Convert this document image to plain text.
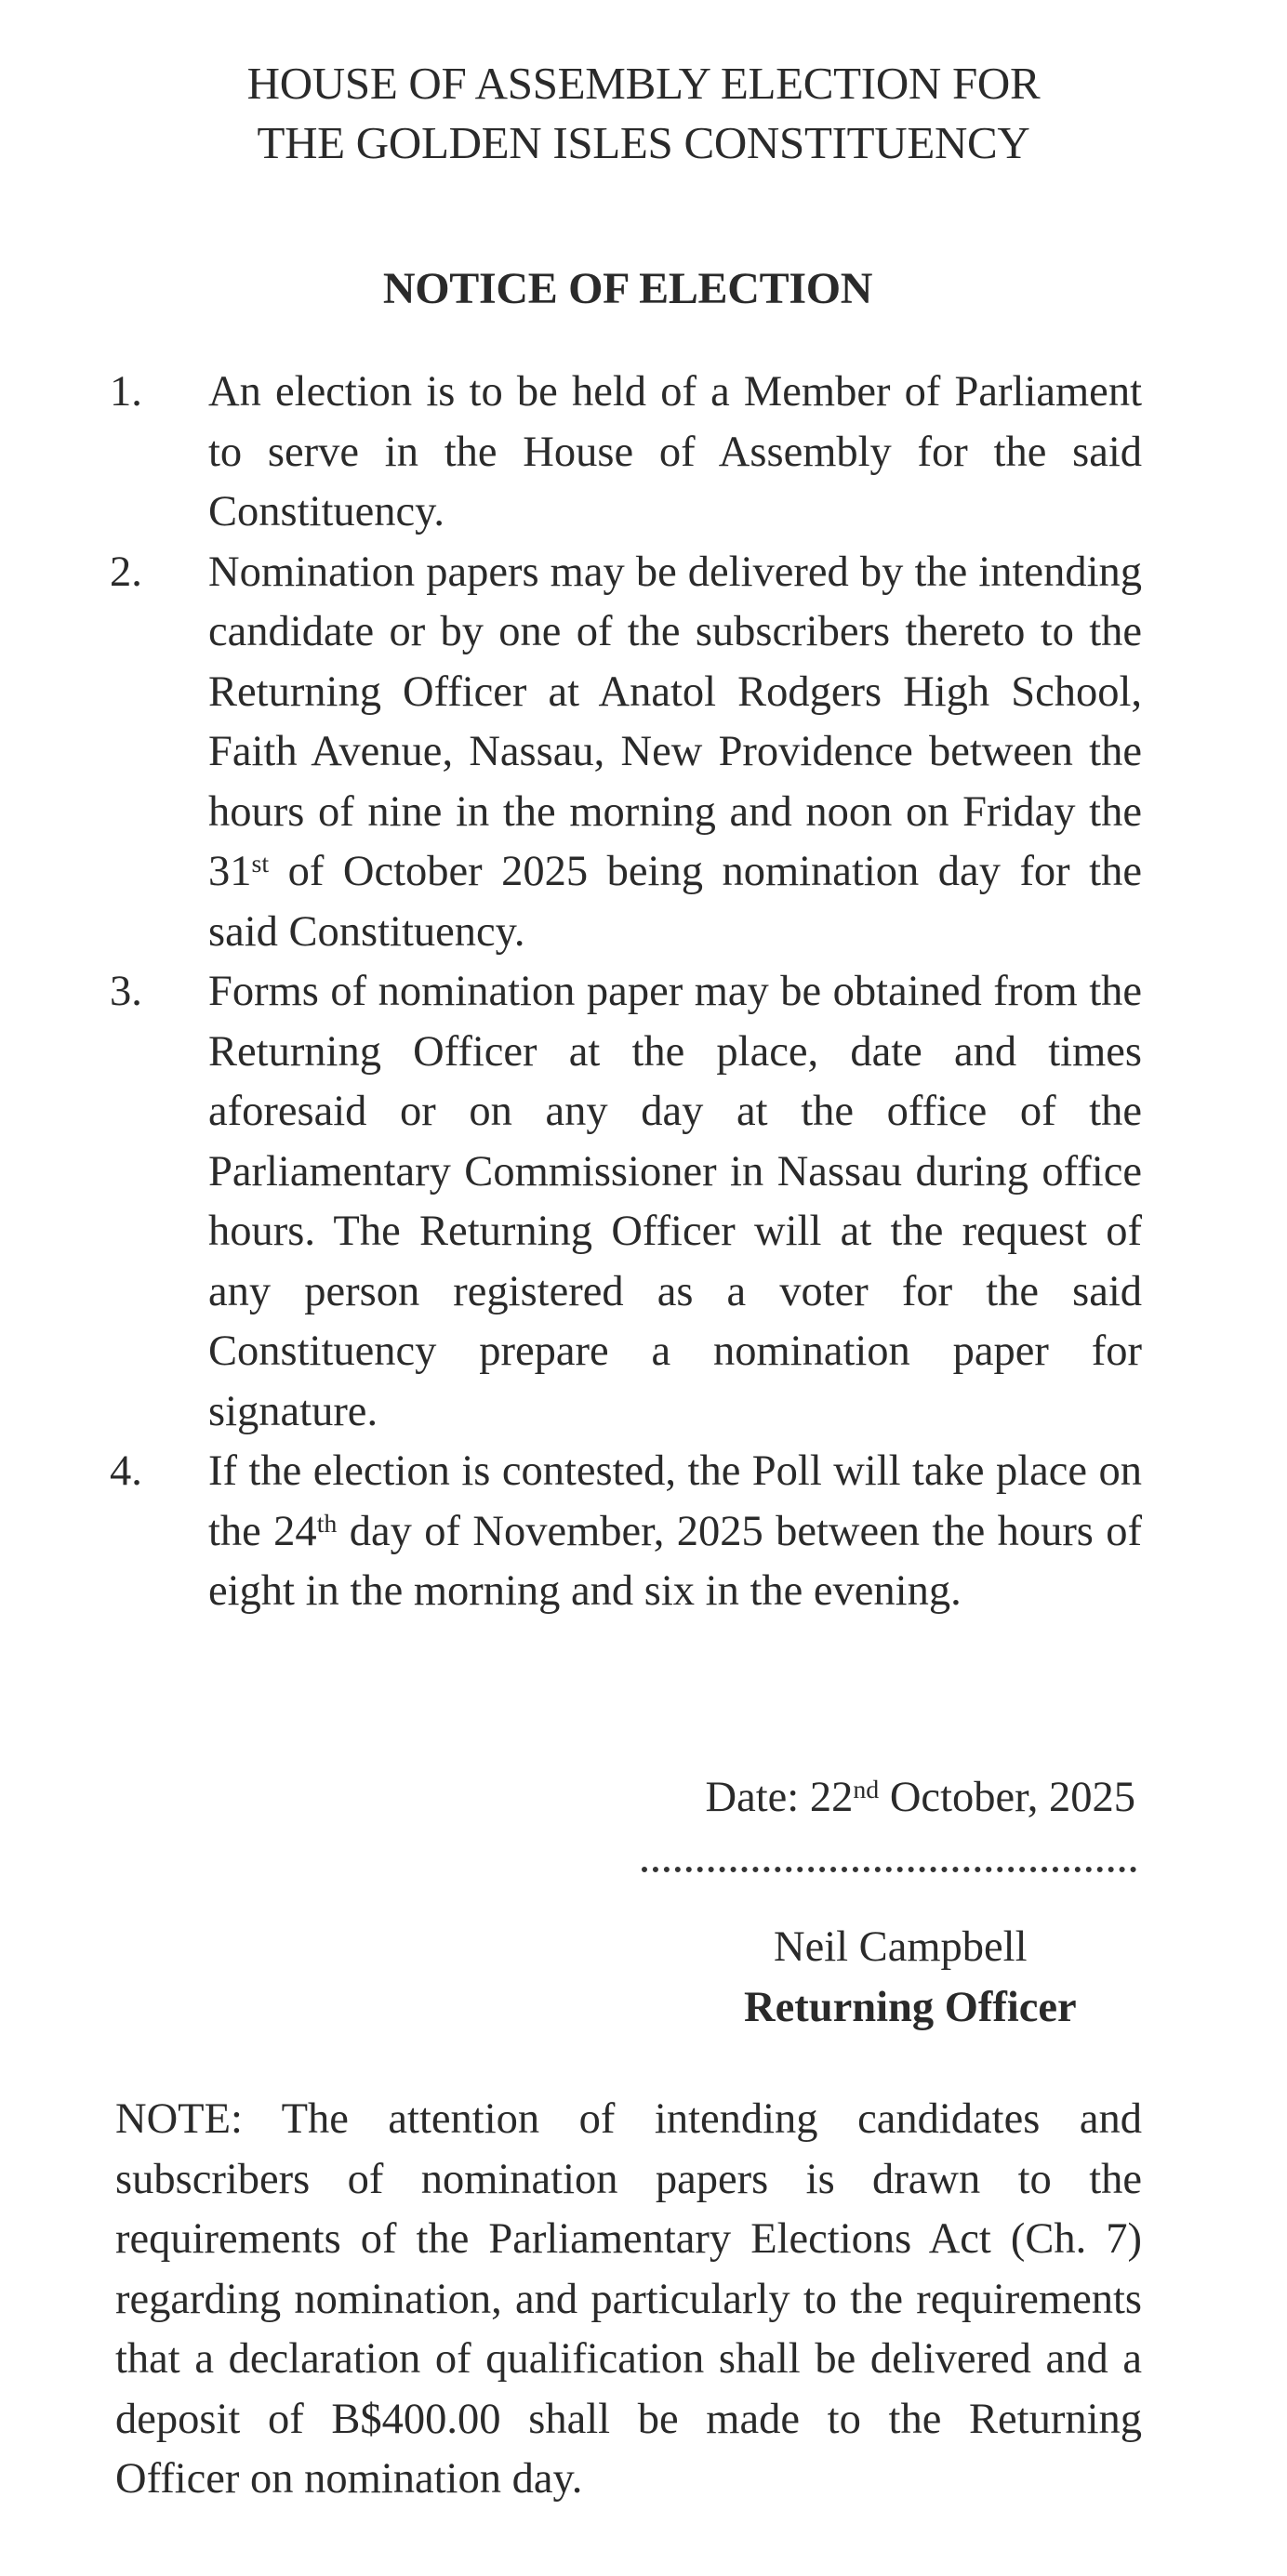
HOUSE OF ASSEMBLY ELECTION FOR
THE GOLDEN ISLES CONSTITUENCY
NOTICE OF ELECTION
1.	An election is to be held of a Member of Parliament to serve in the House of Assembly for the said Constituency.
2.	Nomination papers may be delivered by the intending candidate or by one of the subscribers thereto to the Returning Officer at Anatol Rodgers High School, Faith Avenue, Nassau, New Providence between the hours of nine in the morning and noon on Friday the 31st of October 2025 being nomination day for the said Constituency.
3.	Forms of nomination paper may be obtained from the Returning Officer at the place, date and times aforesaid or on any day at the office of the Parliamentary Commissioner in Nassau during office hours. The Returning Officer will at the request of any person registered as a voter for the said Constituency prepare a nomination paper for signature.
4.	If the election is contested, the Poll will take place on the 24th day of November, 2025 between the hours of eight in the morning and six in the evening.
Date: 22nd October, 2025
Neil Campbell
Returning Officer
NOTE: The attention of intending candidates and subscribers of nomination papers is drawn to the requirements of the Parliamentary Elections Act (Ch. 7) regarding nomination, and particularly to the requirements that a declaration of qualification shall be delivered and a deposit of B$400.00 shall be made to the Returning Officer on nomination day.
